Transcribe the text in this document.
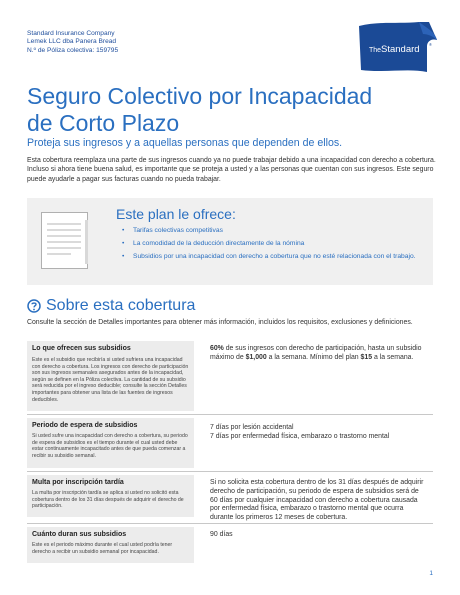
Standard Insurance Company
Lemek LLC dba Panera Bread
N.º de Póliza colectiva: 159795	The Standard ®
Seguro Colectivo por Incapacidad
de Corto Plazo
Proteja sus ingresos y a aquellas personas que dependen de ellos.
Esta cobertura reemplaza una parte de sus ingresos cuando ya no puede trabajar debido a una incapacidad con derecho a cobertura. Incluso si ahora tiene buena salud, es importante que se proteja a usted y a las personas que cuentan con sus ingresos. Este seguro puede ayudarle a pagar sus facturas cuando no pueda trabajar.
Este plan le ofrece:
• Tarifas colectivas competitivas
• La comodidad de la deducción directamente de la nómina
• Subsidios por una incapacidad con derecho a cobertura que no esté relacionada con el trabajo.
Sobre esta cobertura
Consulte la sección de Detalles importantes para obtener más información, incluidos los requisitos, exclusiones y definiciones.
Lo que ofrecen sus subsidios
Este es el subsidio que recibiría si usted sufriera una incapacidad con derecho a cobertura. Los ingresos con derecho de participación son sus ingresos semanales asegurados antes de la incapacidad, según se definen en la Póliza colectiva. La cantidad de su subsidio será reducida por el ingreso deducible; consulte la sección Detalles importantes para obtener una lista de las fuentes de ingresos deducibles.
60% de sus ingresos con derecho de participación, hasta un subsidio máximo de $1,000 a la semana. Mínimo del plan $15 a la semana.
Periodo de espera de subsidios
Si usted sufre una incapacidad con derecho a cobertura, su periodo de espera de subsidios es el tiempo durante el cual usted debe estar continuamente incapacitado antes de que pueda comenzar a recibir su subsidio semanal.
7 días por lesión accidental
7 días por enfermedad física, embarazo o trastorno mental
Multa por inscripción tardía
La multa por inscripción tardía se aplica si usted no solicitó esta cobertura dentro de los 31 días después de adquirir el derecho de participación.
Si no solicita esta cobertura dentro de los 31 días después de adquirir derecho de participación, su periodo de espera de subsidios será de 60 días por cualquier incapacidad con derecho a cobertura causada por enfermedad física, embarazo o trastorno mental que ocurra durante los primeros 12 meses de cobertura.
Cuánto duran sus subsidios
Este es el periodo máximo durante el cual usted podría tener derecho a recibir un subsidio semanal por incapacidad.
90 días
1
